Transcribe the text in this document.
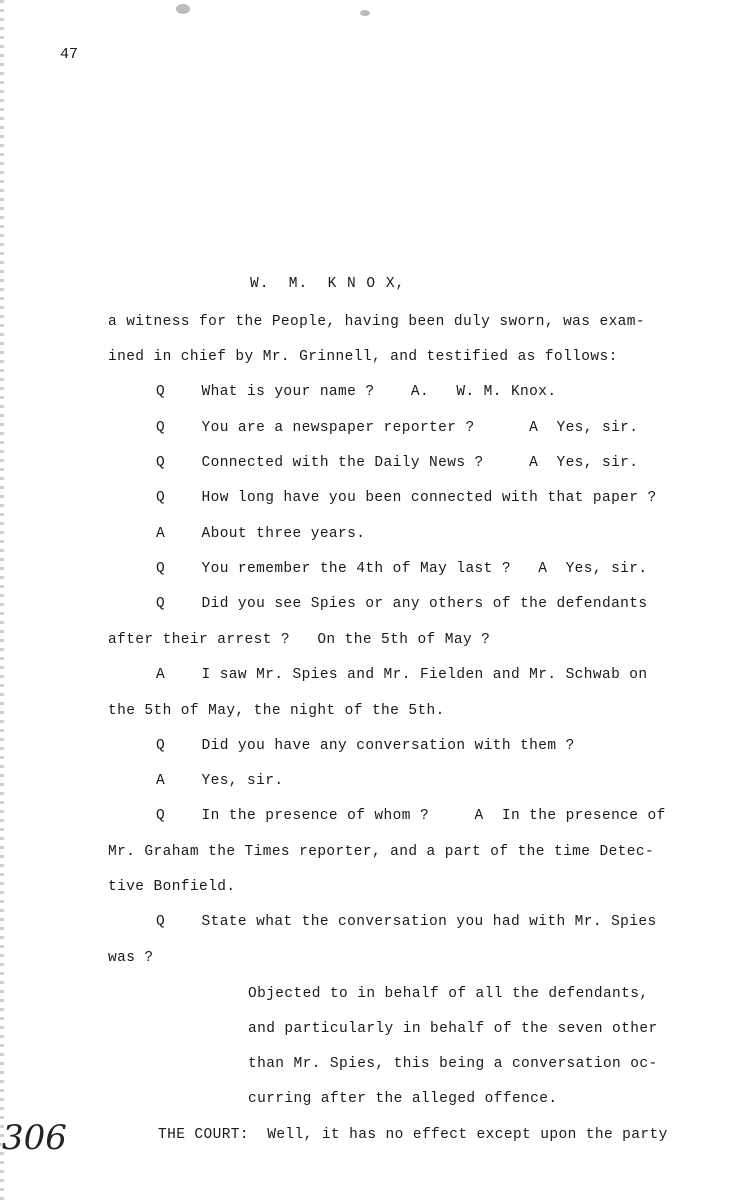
47
W.  M.  K N O X,
a witness for the People, having been duly sworn, was exam-
ined in chief by Mr. Grinnell, and testified as follows:
Q    What is your name ?    A.   W. M. Knox.
Q    You are a newspaper reporter ?      A  Yes, sir.
Q    Connected with the Daily News ?     A  Yes, sir.
Q    How long have you been connected with that paper ?
A    About three years.
Q    You remember the 4th of May last ?   A  Yes, sir.
Q    Did you see Spies or any others of the defendants
after their arrest ?   On the 5th of May ?
A    I saw Mr. Spies and Mr. Fielden and Mr. Schwab on
the 5th of May, the night of the 5th.
Q    Did you have any conversation with them ?
A    Yes, sir.
Q    In the presence of whom ?     A  In the presence of
Mr. Graham the Times reporter, and a part of the time Detec-
tive Bonfield.
Q    State what the conversation you had with Mr. Spies
was ?
Objected to in behalf of all the defendants,
and particularly in behalf of the seven other
than Mr. Spies, this being a conversation oc-
curring after the alleged offence.
THE COURT:  Well, it has no effect except upon the party
306
